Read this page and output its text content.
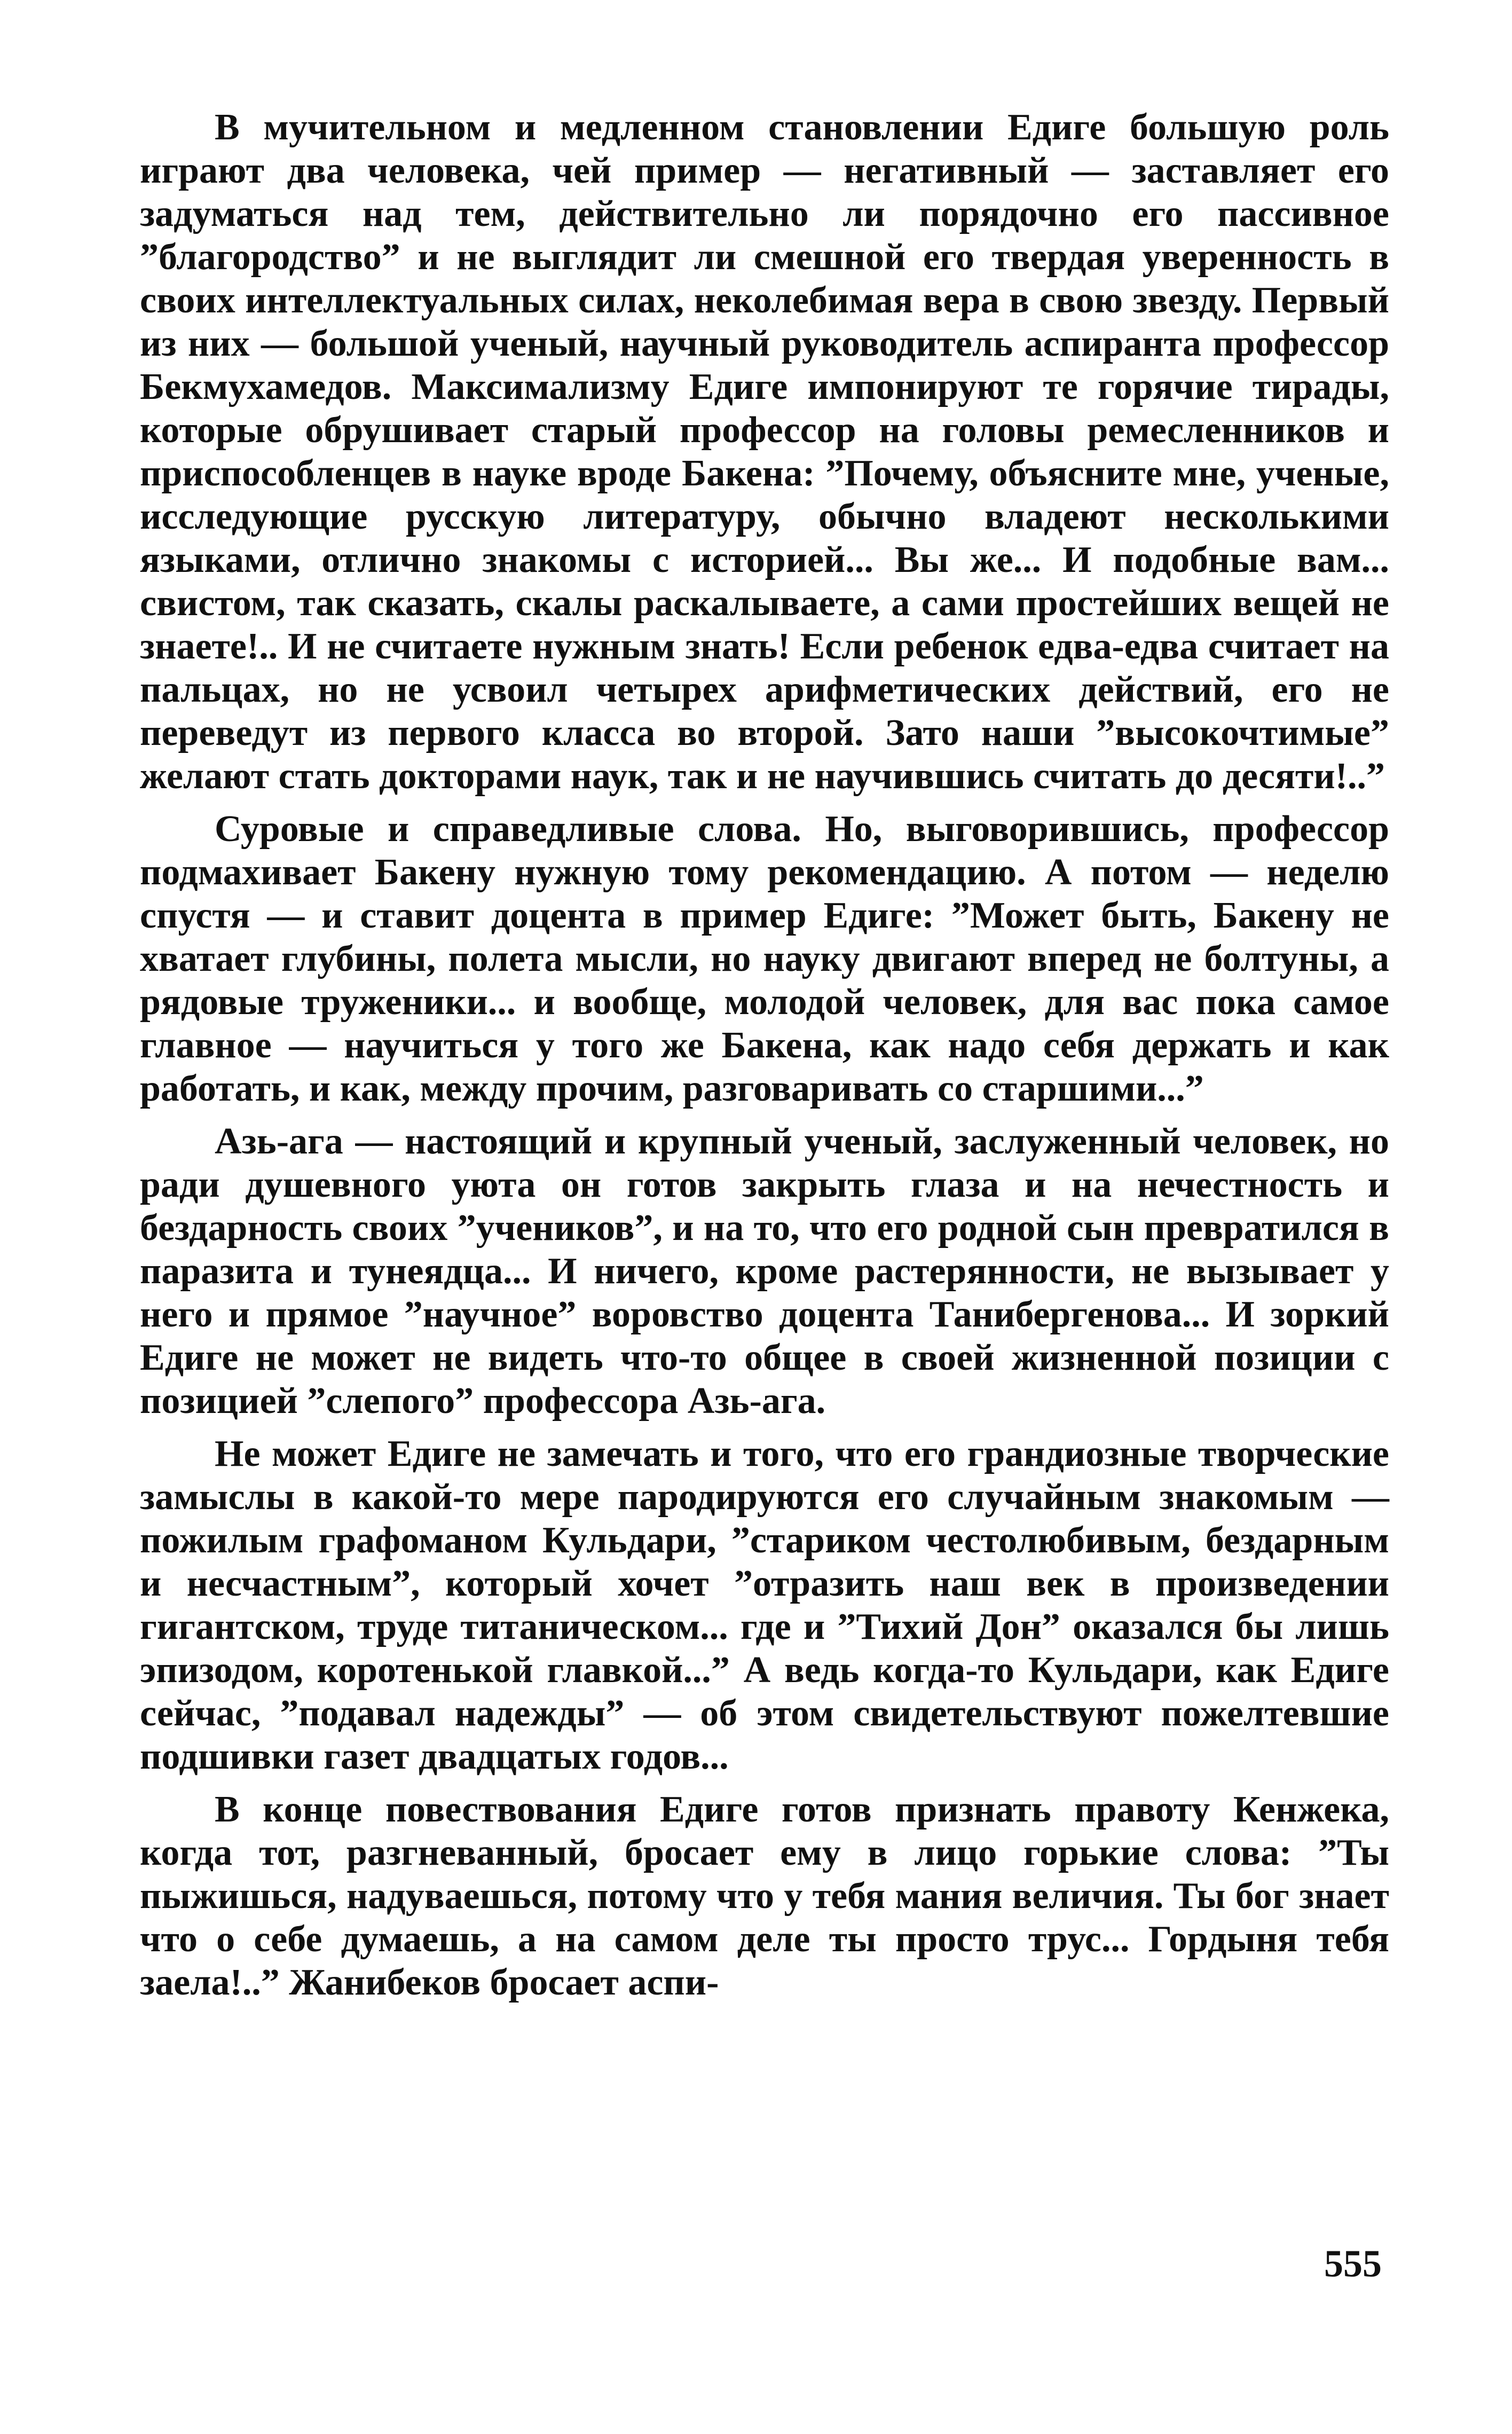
В мучительном и медленном становлении Едиге большую роль играют два человека, чей пример — негативный — заставляет его задуматься над тем, действительно ли порядочно его пассивное ”благородство” и не выглядит ли смешной его твердая уверенность в своих интеллектуальных силах, неколебимая вера в свою звезду. Первый из них — большой ученый, научный руководитель аспиранта профессор Бекмухамедов. Максимализму Едиге импонируют те горячие тирады, которые обрушивает старый профессор на головы ремесленников и приспособленцев в науке вроде Бакена: ”Почему, объясните мне, ученые, исследующие русскую литературу, обычно владеют несколькими языками, отлично знакомы с историей... Вы же... И подобные вам... свистом, так сказать, скалы раскалываете, а сами простейших вещей не знаете!.. И не считаете нужным знать! Если ребенок едва-едва считает на пальцах, но не усвоил четырех арифметических действий, его не переведут из первого класса во второй. Зато наши ”высокочтимые” желают стать докторами наук, так и не научившись считать до десяти!..”

Суровые и справедливые слова. Но, выговорившись, профессор подмахивает Бакену нужную тому рекомендацию. А потом — неделю спустя — и ставит доцента в пример Едиге: ”Может быть, Бакену не хватает глубины, полета мысли, но науку двигают вперед не болтуны, а рядовые труженики... и вообще, молодой человек, для вас пока самое главное — научиться у того же Бакена, как надо себя держать и как работать, и как, между прочим, разговаривать со старшими...”

Азь-ага — настоящий и крупный ученый, заслуженный человек, но ради душевного уюта он готов закрыть глаза и на нечестность и бездарность своих ”учеников”, и на то, что его родной сын превратился в паразита и тунеядца... И ничего, кроме растерянности, не вызывает у него и прямое ”научное” воровство доцента Танибергенова... И зоркий Едиге не может не видеть что-то общее в своей жизненной позиции с позицией ”слепого” профессора Азь-ага.

Не может Едиге не замечать и того, что его грандиозные творческие замыслы в какой-то мере пародируются его случайным знакомым — пожилым графоманом Кульдари, ”стариком честолюбивым, бездарным и несчастным”, который хочет ”отразить наш век в произведении гигантском, труде титаническом... где и ”Тихий Дон” оказался бы лишь эпизодом, коротенькой главкой...” А ведь когда-то Кульдари, как Едиге сейчас, ”подавал надежды” — об этом свидетельствуют пожелтевшие подшивки газет двадцатых годов...

В конце повествования Едиге готов признать правоту Кенжека, когда тот, разгневанный, бросает ему в лицо горькие слова: ”Ты пыжишься, надуваешься, потому что у тебя мания величия. Ты бог знает что о себе думаешь, а на самом деле ты просто трус... Гордыня тебя заела!..” Жанибеков бросает аспи-

555
